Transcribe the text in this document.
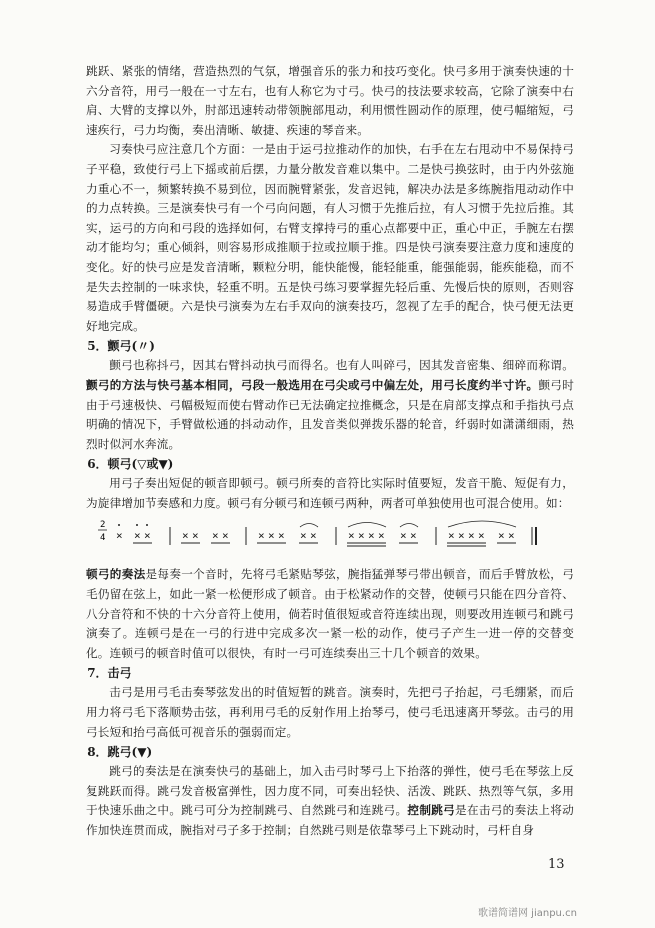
跳跃、紧张的情绪，营造热烈的气氛，增强音乐的张力和技巧变化。快弓多用于演奏快速的十六分音符，用弓一般在一寸左右，也有人称它为寸弓。快弓的技法要求较高，它除了演奏中右肩、大臂的支撑以外，肘部迅速转动带领腕部甩动，利用惯性圆动作的原理，使弓幅缩短，弓速疾行，弓力均衡，奏出清晰、敏捷、疾速的琴音来。

习奏快弓应注意几个方面：一是由于运弓拉推动作的加快，右手在左右甩动中不易保持弓子平稳，致使行弓上下摇或前后摆，力量分散发音难以集中。二是快弓换弦时，由于内外弦施力重心不一，频繁转换不易到位，因而腕臂紧张，发音迟钝，解决办法是多练腕指甩动动作中的力点转换。三是演奏快弓有一个弓向问题，有人习惯于先推后拉，有人习惯于先拉后推。其实，运弓的方向和弓段的选择如何，右臂支撑持弓的重心点都要中正，重心中正，手腕左右摆动才能均匀；重心倾斜，则容易形成推顺于拉或拉顺于推。四是快弓演奏要注意力度和速度的变化。好的快弓应是发音清晰，颗粒分明，能快能慢，能轻能重，能强能弱，能疾能稳，而不是失去控制的一味求快，轻重不明。五是快弓练习要掌握先轻后重、先慢后快的原则，否则容易造成手臂僵硬。六是快弓演奏为左右手双向的演奏技巧，忽视了左手的配合，快弓便无法更好地完成。

5．颤弓(〃)

颤弓也称抖弓，因其右臂抖动执弓而得名。也有人叫碎弓，因其发音密集、细碎而称谓。颤弓的方法与快弓基本相同，弓段一般选用在弓尖或弓中偏左处，用弓长度约半寸许。颤弓时由于弓速极快、弓幅极短而使右臂动作已无法确定拉推概念，只是在肩部支撑点和手指执弓点明确的情况下，手臂做松通的抖动动作，且发音类似弹拨乐器的轮音，纤弱时如潇潇细雨，热烈时似河水奔流。

6．顿弓(▽或▼)

用弓子奏出短促的顿音即顿弓。顿弓所奏的音符比实际时值要短，发音干脆、短促有力，为旋律增加节奏感和力度。顿弓有分顿弓和连顿弓两种，两者可单独使用也可混合使用。如：

2
4 × × ×	× × × ×	× × × × ×	× × × × × ×	× × × × × ×

顿弓的奏法是每奏一个音时，先将弓毛紧贴琴弦，腕指猛弹琴弓带出顿音，而后手臂放松，弓毛仍留在弦上，如此一紧一松便形成了顿音。由于松紧动作的交替，使顿弓只能在四分音符、八分音符和不快的十六分音符上使用，倘若时值很短或音符连续出现，则要改用连顿弓和跳弓演奏了。连顿弓是在一弓的行进中完成多次一紧一松的动作，使弓子产生一进一停的交替变化。连顿弓的顿音时值可以很快，有时一弓可连续奏出三十几个顿音的效果。

7．击弓

击弓是用弓毛击奏琴弦发出的时值短暂的跳音。演奏时，先把弓子抬起，弓毛绷紧，而后用力将弓毛下落顺势击弦，再利用弓毛的反射作用上抬琴弓，使弓毛迅速离开琴弦。击弓的用弓长短和抬弓高低可视音乐的强弱而定。

8．跳弓(▼)

跳弓的奏法是在演奏快弓的基础上，加入击弓时琴弓上下抬落的弹性，使弓毛在琴弦上反复跳跃而得。跳弓发音极富弹性，因力度不同，可奏出轻快、活泼、跳跃、热烈等气氛，多用于快速乐曲之中。跳弓可分为控制跳弓、自然跳弓和连跳弓。控制跳弓是在击弓的奏法上将动作加快连贯而成，腕指对弓子多于控制；自然跳弓则是依靠琴弓上下跳动时，弓杆自身

13
歌谱简谱网 jianpu.cn
